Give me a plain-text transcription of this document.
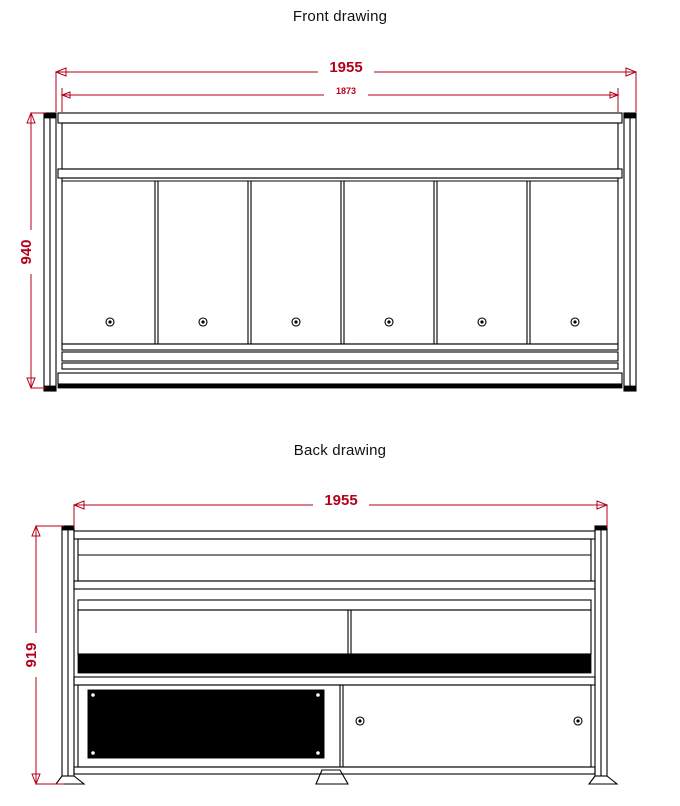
Front drawing
Back drawing
1955
1873
940
1955
919
